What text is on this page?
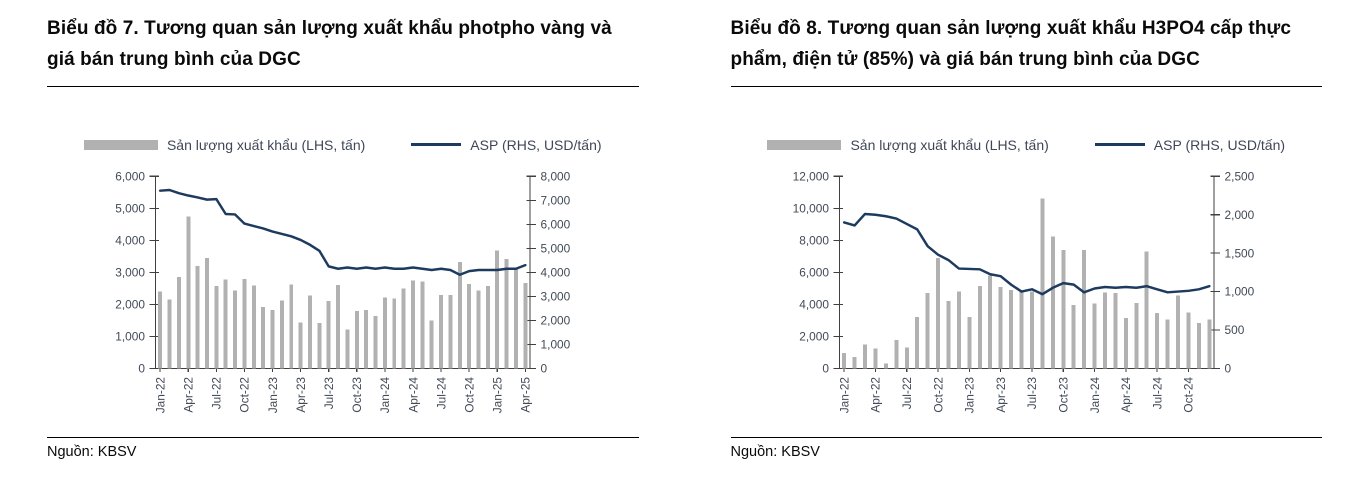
Biểu đồ 7. Tương quan sản lượng xuất khẩu photpho vàng và giá bán trung bình của DGC
Sản lượng xuất khẩu (LHS, tấn)	ASP (RHS, USD/tấn)
0
1,000
2,000
3,000
4,000
5,000
6,000
0
1,000
2,000
3,000
4,000
5,000
6,000
7,000
8,000
Jan-22 Apr-22 Jul-22 Oct-22 Jan-23 Apr-23 Jul-23 Oct-23 Jan-24 Apr-24 Jul-24 Oct-24 Jan-25 Apr-25
Nguồn: KBSV
Biểu đồ 8. Tương quan sản lượng xuất khẩu H3PO4 cấp thực phẩm, điện tử (85%) và giá bán trung bình của DGC
Sản lượng xuất khẩu (LHS, tấn)	ASP (RHS, USD/tấn)
0
2,000
4,000
6,000
8,000
10,000
12,000
0
500
1,000
1,500
2,000
2,500
Jan-22 Apr-22 Jul-22 Oct-22 Jan-23 Apr-23 Jul-23 Oct-23 Jan-24 Apr-24 Jul-24 Oct-24
Nguồn: KBSV
